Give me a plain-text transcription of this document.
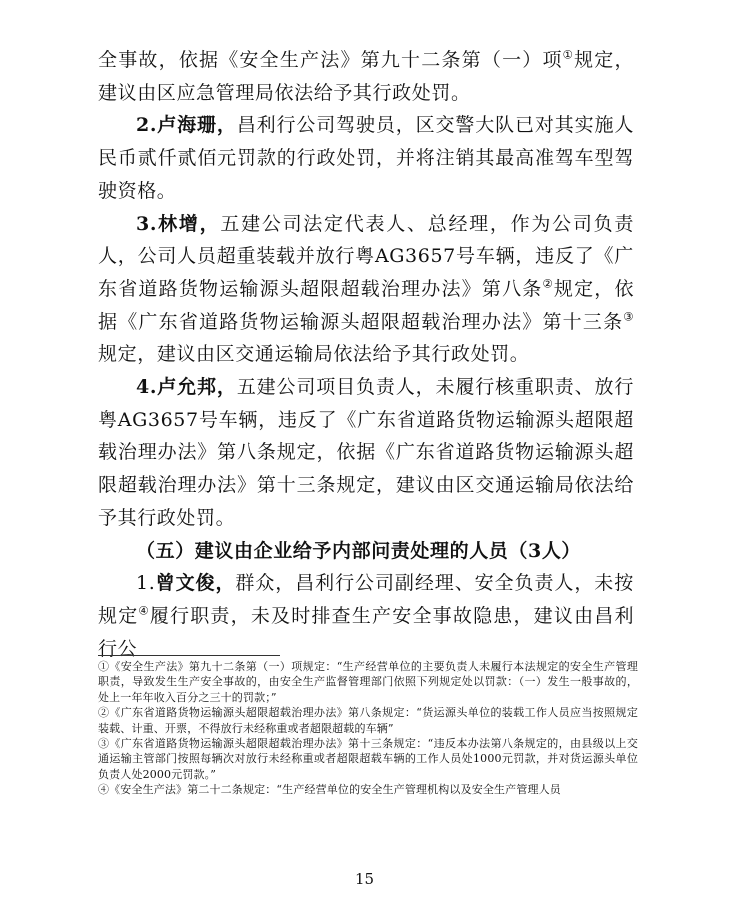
全事故，依据《安全生产法》第九十二条第（一）项①规定，建议由区应急管理局依法给予其行政处罚。

2.卢海珊，昌利行公司驾驶员，区交警大队已对其实施人民币贰仟贰佰元罚款的行政处罚，并将注销其最高准驾车型驾驶资格。

3.林增，五建公司法定代表人、总经理，作为公司负责人，公司人员超重装载并放行粤AG3657号车辆，违反了《广东省道路货物运输源头超限超载治理办法》第八条②规定，依据《广东省道路货物运输源头超限超载治理办法》第十三条③规定，建议由区交通运输局依法给予其行政处罚。

4.卢允邦，五建公司项目负责人，未履行核重职责、放行粤AG3657号车辆，违反了《广东省道路货物运输源头超限超载治理办法》第八条规定，依据《广东省道路货物运输源头超限超载治理办法》第十三条规定，建议由区交通运输局依法给予其行政处罚。

（五）建议由企业给予内部问责处理的人员（3人）

1.曾文俊，群众，昌利行公司副经理、安全负责人，未按规定④履行职责，未及时排查生产安全事故隐患，建议由昌利行公

①《安全生产法》第九十二条第（一）项规定：“生产经营单位的主要负责人未履行本法规定的安全生产管理职责，导致发生生产安全事故的，由安全生产监督管理部门依照下列规定处以罚款：（一）发生一般事故的，处上一年年收入百分之三十的罚款；”

②《广东省道路货物运输源头超限超载治理办法》第八条规定：“货运源头单位的装载工作人员应当按照规定装载、计重、开票，不得放行未经称重或者超限超载的车辆”

③《广东省道路货物运输源头超限超载治理办法》第十三条规定：“违反本办法第八条规定的，由县级以上交通运输主管部门按照每辆次对放行未经称重或者超限超载车辆的工作人员处1000元罚款，并对货运源头单位负责人处2000元罚款。”

④《安全生产法》第二十二条规定：“生产经营单位的安全生产管理机构以及安全生产管理人员

15
